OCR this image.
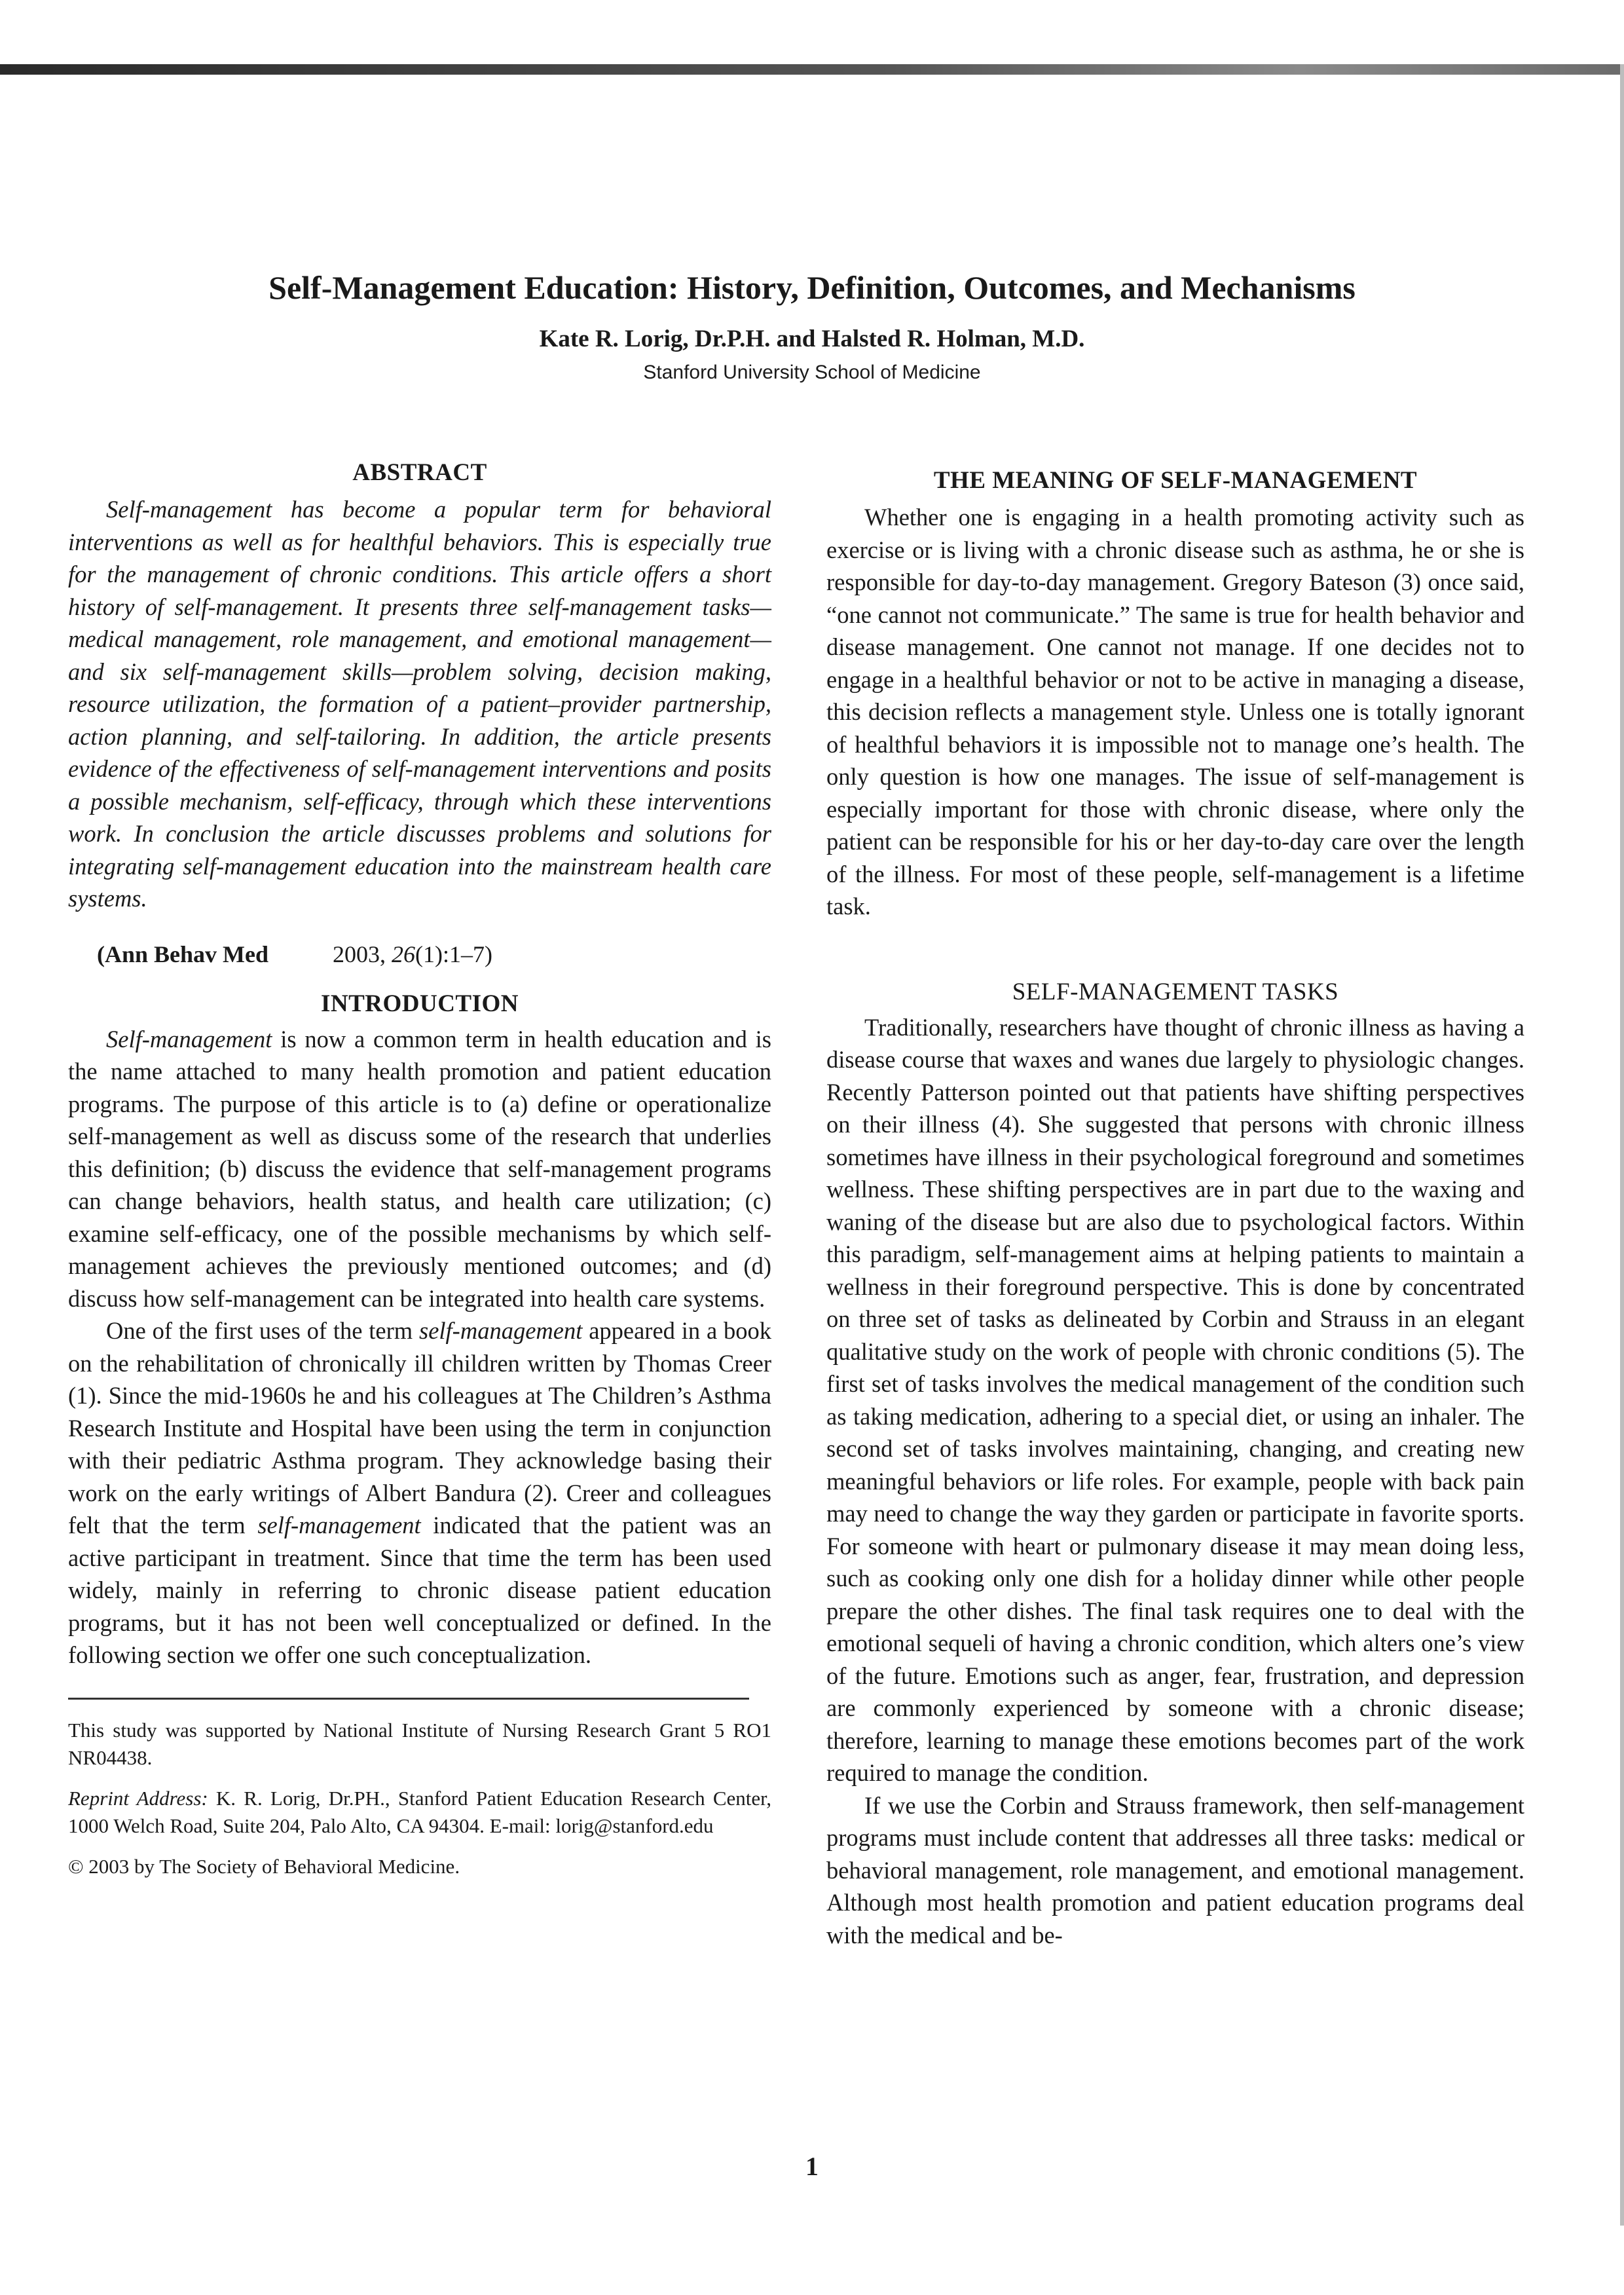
Self-Management Education: History, Definition, Outcomes, and Mechanisms
Kate R. Lorig, Dr.P.H. and Halsted R. Holman, M.D.
Stanford University School of Medicine
ABSTRACT

Self-management has become a popular term for behavioral interventions as well as for healthful behaviors. This is especially true for the management of chronic conditions. This article offers a short history of self-management. It presents three self-management tasks—medical management, role management, and emotional management—and six self-management skills—problem solving, decision making, resource utilization, the formation of a patient–provider partnership, action planning, and self-tailoring. In addition, the article presents evidence of the effectiveness of self-management interventions and posits a possible mechanism, self-efficacy, through which these interventions work. In conclusion the article discusses problems and solutions for integrating self-management education into the mainstream health care systems.

(Ann Behav Med	2003, 26(1):1–7)

INTRODUCTION

Self-management is now a common term in health education and is the name attached to many health promotion and patient education programs. The purpose of this article is to (a) define or operationalize self-management as well as discuss some of the research that underlies this definition; (b) discuss the evidence that self-management programs can change behaviors, health status, and health care utilization; (c) examine self-efficacy, one of the possible mechanisms by which self-management achieves the previously mentioned outcomes; and (d) discuss how self-management can be integrated into health care systems.

One of the first uses of the term self-management appeared in a book on the rehabilitation of chronically ill children written by Thomas Creer (1). Since the mid-1960s he and his colleagues at The Children’s Asthma Research Institute and Hospital have been using the term in conjunction with their pediatric Asthma program. They acknowledge basing their work on the early writings of Albert Bandura (2). Creer and colleagues felt that the term self-management indicated that the patient was an active participant in treatment. Since that time the term has been used widely, mainly in referring to chronic disease patient education programs, but it has not been well conceptualized or defined. In the following section we offer one such conceptualization.

This study was supported by National Institute of Nursing Research Grant 5 RO1 NR04438.

Reprint Address: K. R. Lorig, Dr.PH., Stanford Patient Education Research Center, 1000 Welch Road, Suite 204, Palo Alto, CA 94304. E-mail: lorig@stanford.edu

© 2003 by The Society of Behavioral Medicine.

THE MEANING OF SELF-MANAGEMENT

Whether one is engaging in a health promoting activity such as exercise or is living with a chronic disease such as asthma, he or she is responsible for day-to-day management. Gregory Bateson (3) once said, “one cannot not communicate.” The same is true for health behavior and disease management. One cannot not manage. If one decides not to engage in a healthful behavior or not to be active in managing a disease, this decision reflects a management style. Unless one is totally ignorant of healthful behaviors it is impossible not to manage one’s health. The only question is how one manages. The issue of self-management is especially important for those with chronic disease, where only the patient can be responsible for his or her day-to-day care over the length of the illness. For most of these people, self-management is a lifetime task.

SELF-MANAGEMENT TASKS

Traditionally, researchers have thought of chronic illness as having a disease course that waxes and wanes due largely to physiologic changes. Recently Patterson pointed out that patients have shifting perspectives on their illness (4). She suggested that persons with chronic illness sometimes have illness in their psychological foreground and sometimes wellness. These shifting perspectives are in part due to the waxing and waning of the disease but are also due to psychological factors. Within this paradigm, self-management aims at helping patients to maintain a wellness in their foreground perspective. This is done by concentrated on three set of tasks as delineated by Corbin and Strauss in an elegant qualitative study on the work of people with chronic conditions (5). The first set of tasks involves the medical management of the condition such as taking medication, adhering to a special diet, or using an inhaler. The second set of tasks involves maintaining, changing, and creating new meaningful behaviors or life roles. For example, people with back pain may need to change the way they garden or participate in favorite sports. For someone with heart or pulmonary disease it may mean doing less, such as cooking only one dish for a holiday dinner while other people prepare the other dishes. The final task requires one to deal with the emotional sequeli of having a chronic condition, which alters one’s view of the future. Emotions such as anger, fear, frustration, and depression are commonly experienced by someone with a chronic disease; therefore, learning to manage these emotions becomes part of the work required to manage the condition.

If we use the Corbin and Strauss framework, then self-management programs must include content that addresses all three tasks: medical or behavioral management, role management, and emotional management. Although most health promotion and patient education programs deal with the medical and be-

1
